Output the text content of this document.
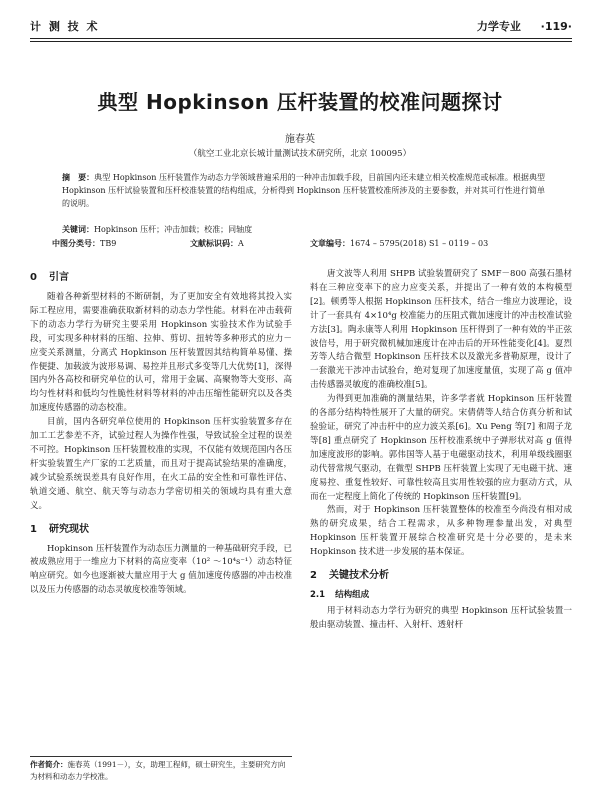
计 测 技 术	力学专业 ·119·
典型 Hopkinson 压杆装置的校准问题探讨
施春英
（航空工业北京长城计量测试技术研究所，北京 100095）
摘　要：典型 Hopkinson 压杆装置作为动态力学领域普遍采用的一种冲击加载手段，目前国内还未建立相关校准规范或标准。根据典型 Hopkinson 压杆试验装置和压杆校准装置的结构组成，分析得到 Hopkinson 压杆装置校准所涉及的主要参数，并对其可行性进行简单的说明。
关键词：Hopkinson 压杆；冲击加载；校准；同轴度
中图分类号：TB9	文献标识码：A	文章编号：1674 – 5795(2018) S1 – 0119 – 03
0 引言

随着各种新型材料的不断研制，为了更加安全有效地将其投入实际工程应用，需要准确获取新材料的动态力学性能。材料在冲击载荷下的动态力学行为研究主要采用 Hopkinson 实验技术作为试验手段，可实现多种材料的压缩、拉伸、剪切、扭转等多种形式的应力－应变关系测量，分离式 Hopkinson 压杆装置因其结构简单易懂、操作便捷、加载波为波形易调、易控并且形式多变等几大优势[1]，深得国内外各高校和研究单位的认可，常用于金属、高聚物等大变形、高均匀性材料和低均匀性脆性材料等材料的冲击压缩性能研究以及各类加速度传感器的动态校准。

目前，国内各研究单位使用的 Hopkinson 压杆实验装置多存在加工工艺参差不齐，试验过程人为操作性强，导致试验全过程的误差不可控。Hopkinson 压杆装置校准的实现，不仅能有效规范国内各压杆实验装置生产厂家的工艺质量，而且对于提高试验结果的准确度，减少试验系统误差具有良好作用，在火工品的安全性和可靠性评估、轨道交通、航空、航天等与动态力学密切相关的领域均具有重大意义。

1 研究现状

Hopkinson 压杆装置作为动态压力测量的一种基础研究手段，已被成熟应用于一维应力下材料的高应变率（10² ～10⁴s⁻¹）动态特征响应研究。如今也逐渐被大量应用于大 g 值加速度传感器的冲击校准以及压力传感器的动态灵敏度校准等领域。

唐文波等人利用 SHPB 试验装置研究了 SMF－800 高强石墨材料在三种应变率下的应力应变关系，并提出了一种有效的本构模型[2]。顿勇等人根据 Hopkinson 压杆技术，结合一维应力波理论，设计了一套具有 4×10⁴g 校准能力的压阻式微加速度计的冲击校准试验方法[3]。陶永康等人利用 Hopkinson 压杆得到了一种有效的半正弦波信号，用于研究微机械加速度计在冲击后的开环性能变化[4]。夏烈芳等人结合微型 Hopkinson 压杆技术以及激光多普勒原理，设计了一套激光干涉冲击试验台，绝对复现了加速度量值，实现了高 g 值冲击传感器灵敏度的准确校准[5]。

为得到更加准确的测量结果，许多学者就 Hopkinson 压杆装置的各部分结构特性展开了大量的研究。宋倩倩等人结合仿真分析和试验验证，研究了冲击杆中的应力波关系[6]。Xu Peng 等[7] 和周子龙等[8] 重点研究了 Hopkinson 压杆校准系统中子弹形状对高 g 值得加速度波形的影响。郭伟国等人基于电磁驱动技术，利用单级线圈驱动代替常规气驱动，在微型 SHPB 压杆装置上实现了无电磁干扰、速度易控、重复性较好、可靠性较高且实用性较强的应力驱动方式，从而在一定程度上简化了传统的 Hopkinson 压杆装置[9]。

然而，对于 Hopkinson 压杆装置整体的校准至今尚没有相对成熟的研究成果，结合工程需求，从多种物理参量出发，对典型 Hopkinson 压杆装置开展综合校准研究是十分必要的，是未来 Hopkinson 技术进一步发展的基本保证。

2 关键技术分析
2.1 结构组成

用于材料动态力学行为研究的典型 Hopkinson 压杆试验装置一般由驱动装置、撞击杆、入射杆、透射杆

作者简介：施春英（1991－），女，助理工程师，硕士研究生，主要研究方向为材料和动态力学校准。
